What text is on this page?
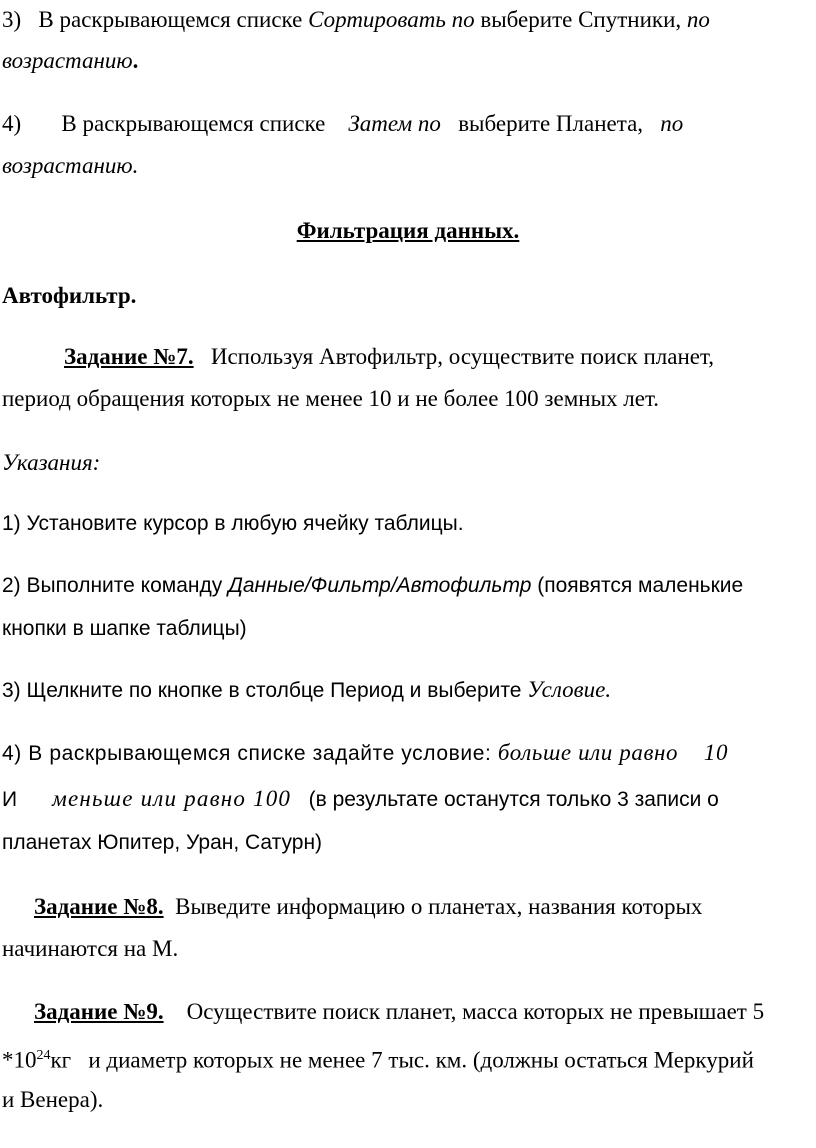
3) В раскрывающемся списке Сортировать по выберите Спутники, по
возрастанию.
4) В раскрывающемся списке Затем по выберите Планета, по
возрастанию.
Фильтрация данных.
Автофильтр.
Задание №7. Используя Автофильтр, осуществите поиск планет,
период обращения которых не менее 10 и не более 100 земных лет.
Указания:
1) Установите курсор в любую ячейку таблицы.
2) Выполните команду Данные/Фильтр/Автофильтр (появятся маленькие
кнопки в шапке таблицы)
3) Щелкните по кнопке в столбце Период и выберите Условие.
4) В раскрывающемся списке задайте условие: больше или равно 10
И меньше или равно 100 (в результате останутся только 3 записи о
планетах Юпитер, Уран, Сатурн)
Задание №8. Выведите информацию о планетах, названия которых
начинаются на М.
Задание №9. Осуществите поиск планет, масса которых не превышает 5
$*10^{24}кг$ и диаметр которых не менее 7 тыс. км. (должны остаться Меркурий
и Венера).
